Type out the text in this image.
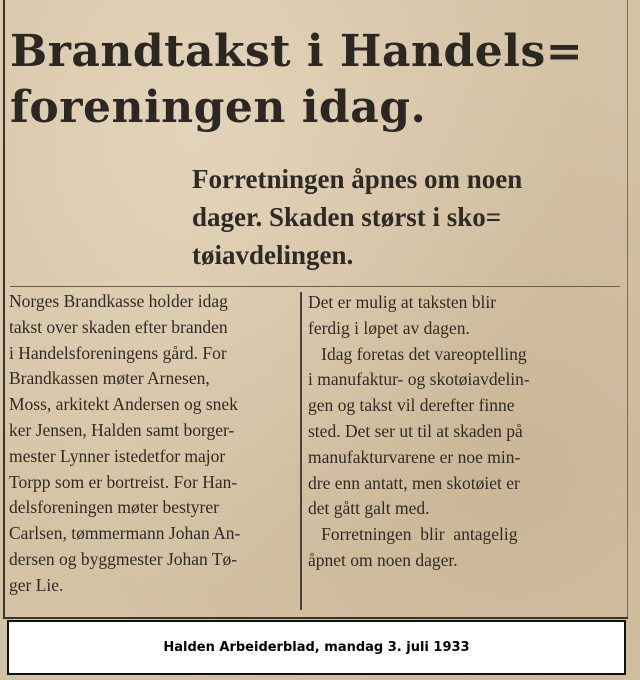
Brandtakst i Handels=
foreningen idag.
Forretningen åpnes om noen
dager. Skaden størst i sko=
tøiavdelingen.
Norges Brandkasse holder idag
takst over skaden efter branden
i Handelsforeningens gård. For
Brandkassen møter Arnesen,
Moss, arkitekt Andersen og snek
ker Jensen, Halden samt borger-
mester Lynner istedetfor major
Torpp som er bortreist. For Han-
delsforeningen møter bestyrer
Carlsen, tømmermann Johan An-
dersen og byggmester Johan Tø-
ger Lie.
Det er mulig at taksten blir
ferdig i løpet av dagen.
Idag foretas det vareoptelling
i manufaktur- og skotøiavdelin-
gen og takst vil derefter finne
sted. Det ser ut til at skaden på
manufakturvarene er noe min-
dre enn antatt, men skotøiet er
det gått galt med.
Forretningen  blir  antagelig
åpnet om noen dager.
Halden Arbeiderblad, mandag 3. juli 1933
